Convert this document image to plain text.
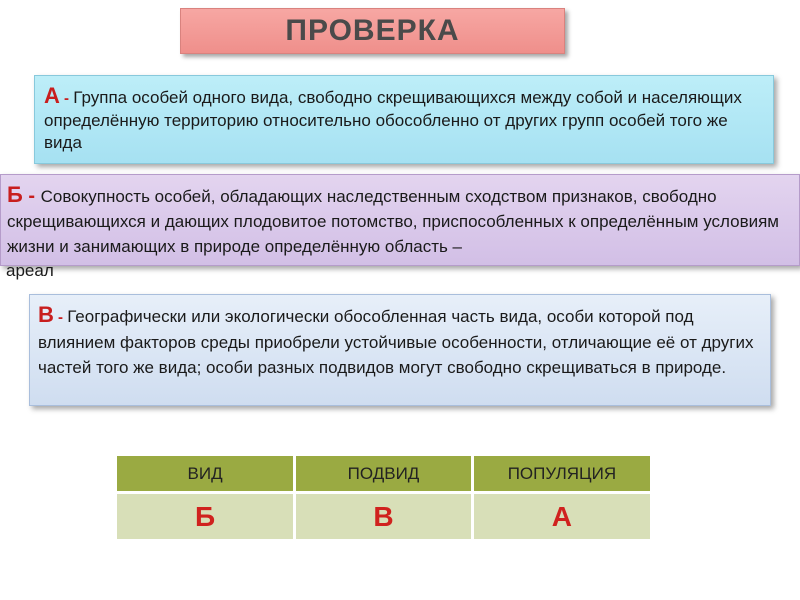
ПРОВЕРКА
А - Группа особей одного вида, свободно скрещивающихся между собой и населяющих определённую территорию относительно обособленно от других групп особей того же вида
Б - Совокупность особей, обладающих наследственным сходством признаков, свободно скрещивающихся и дающих плодовитое потомство, приспособленных к определённым условиям жизни и занимающих в природе определённую область –
ареал
В - Географически или экологически обособленная часть вида, особи которой под влиянием факторов среды приобрели устойчивые особенности, отличающие её от других частей того же вида; особи разных подвидов могут свободно скрещиваться в природе.
ВИД	ПОДВИД	ПОПУЛЯЦИЯ
Б	В	А
